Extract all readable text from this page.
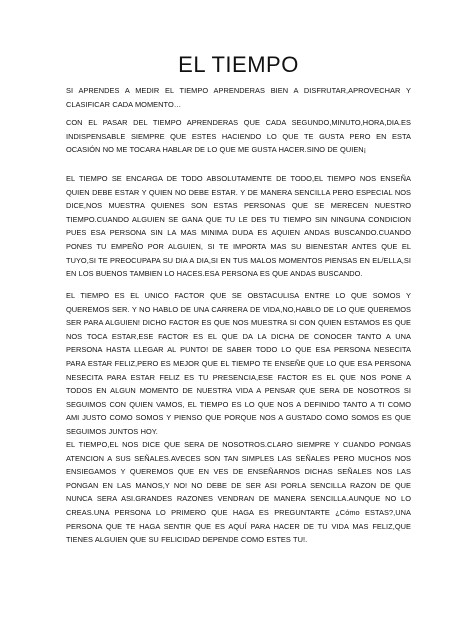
EL TIEMPO

SI APRENDES A MEDIR EL TIEMPO APRENDERAS BIEN A DISFRUTAR,APROVECHAR Y CLASIFICAR CADA MOMENTO…

CON EL PASAR DEL TIEMPO APRENDERAS QUE CADA SEGUNDO,MINUTO,HORA,DIA.ES INDISPENSABLE SIEMPRE QUE ESTES HACIENDO LO QUE TE GUSTA PERO EN ESTA OCASIÓN NO ME TOCARA HABLAR DE LO QUE ME GUSTA HACER.SINO DE QUIEN¡

EL TIEMPO SE ENCARGA DE TODO ABSOLUTAMENTE DE TODO,EL TIEMPO NOS ENSEÑA QUIEN DEBE ESTAR Y QUIEN NO DEBE ESTAR. Y DE MANERA SENCILLA PERO ESPECIAL NOS DICE,NOS MUESTRA QUIENES SON ESTAS PERSONAS QUE SE MERECEN NUESTRO TIEMPO.CUANDO ALGUIEN SE GANA QUE TU LE DES TU TIEMPO SIN NINGUNA CONDICION PUES ESA PERSONA SIN LA MAS MINIMA DUDA ES AQUIEN ANDAS BUSCANDO.CUANDO PONES TU EMPEÑO POR ALGUIEN, SI TE IMPORTA MAS SU BIENESTAR ANTES QUE EL TUYO,SI TE PREOCUPAPA SU DIA A DIA,SI EN TUS MALOS MOMENTOS PIENSAS EN EL/ELLA,SI EN LOS BUENOS TAMBIEN LO HACES.ESA PERSONA ES QUE ANDAS BUSCANDO.

EL TIEMPO ES EL UNICO FACTOR QUE SE OBSTACULISA ENTRE LO QUE SOMOS Y QUEREMOS SER. Y NO HABLO DE UNA CARRERA DE VIDA,NO,HABLO DE LO QUE QUEREMOS SER PARA ALGUIEN! DICHO FACTOR ES QUE NOS MUESTRA SI CON QUIEN ESTAMOS ES QUE NOS TOCA ESTAR,ESE FACTOR ES EL QUE DA LA DICHA DE CONOCER TANTO A UNA PERSONA HASTA LLEGAR AL PUNTO! DE SABER TODO LO QUE ESA PERSONA NESECITA PARA ESTAR FELIZ,PERO ES MEJOR QUE EL TIEMPO TE ENSEÑE QUE LO QUE ESA PERSONA NESECITA PARA ESTAR FELIZ ES TU PRESENCIA,ESE FACTOR ES EL QUE NOS PONE A TODOS EN ALGUN MOMENTO DE NUESTRA VIDA A PENSAR QUE SERA DE NOSOTROS SI SEGUIMOS CON QUIEN VAMOS, EL TIEMPO ES LO QUE NOS A DEFINIDO TANTO A TI COMO AMI JUSTO COMO SOMOS Y PIENSO QUE PORQUE NOS A GUSTADO COMO SOMOS ES QUE SEGUIMOS JUNTOS HOY.

EL TIEMPO,EL NOS DICE QUE SERA DE NOSOTROS.CLARO SIEMPRE Y CUANDO PONGAS ATENCION A SUS SEÑALES.AVECES SON TAN SIMPLES LAS SEÑALES PERO MUCHOS NOS ENSIEGAMOS Y QUEREMOS QUE EN VES DE ENSEÑARNOS DICHAS SEÑALES NOS LAS PONGAN EN LAS MANOS,Y NO! NO DEBE DE SER ASI PORLA SENCILLA RAZON DE QUE NUNCA SERA ASI.GRANDES RAZONES VENDRAN DE MANERA SENCILLA.AUNQUE NO LO CREAS.UNA PERSONA LO PRIMERO QUE HAGA ES PREGUNTARTE ¿Cómo ESTAS?,UNA PERSONA QUE TE HAGA SENTIR QUE ES AQUÍ PARA HACER DE TU VIDA MAS FELIZ,QUE TIENES ALGUIEN QUE SU FELICIDAD DEPENDE COMO ESTES TU!.
